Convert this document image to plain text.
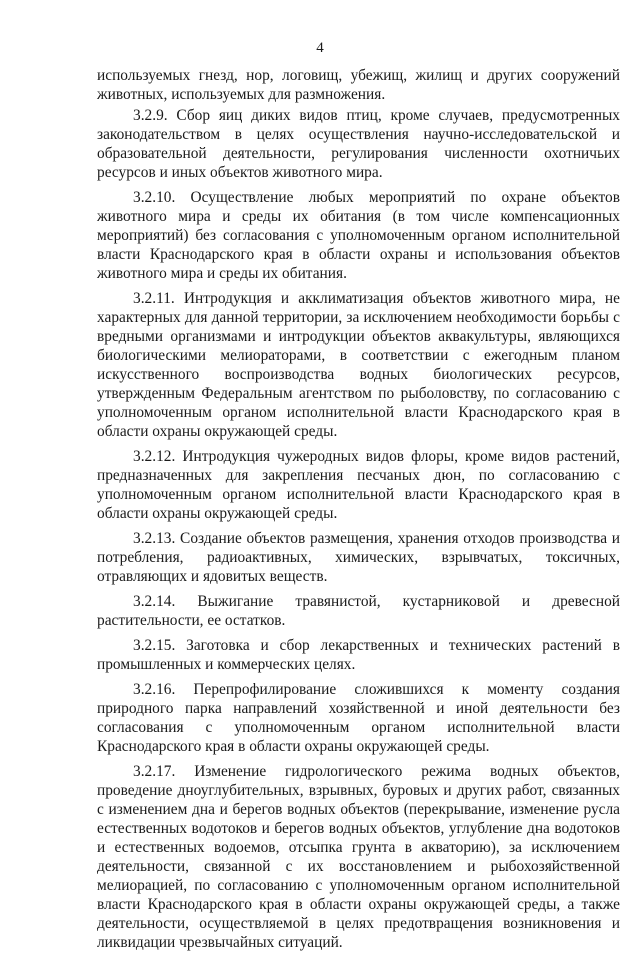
4

используемых гнезд, нор, логовищ, убежищ, жилищ и других сооружений животных, используемых для размножения.

3.2.9. Сбор яиц диких видов птиц, кроме случаев, предусмотренных законодательством в целях осуществления научно-исследовательской и образовательной деятельности, регулирования численности охотничьих ресурсов и иных объектов животного мира.

3.2.10. Осуществление любых мероприятий по охране объектов животного мира и среды их обитания (в том числе компенсационных мероприятий) без согласования с уполномоченным органом исполнительной власти Краснодарского края в области охраны и использования объектов животного мира и среды их обитания.

3.2.11. Интродукция и акклиматизация объектов животного мира, не характерных для данной территории, за исключением необходимости борьбы с вредными организмами и интродукции объектов аквакультуры, являющихся биологическими мелиораторами, в соответствии с ежегодным планом искусственного воспроизводства водных биологических ресурсов, утвержденным Федеральным агентством по рыболовству, по согласованию с уполномоченным органом исполнительной власти Краснодарского края в области охраны окружающей среды.

3.2.12. Интродукция чужеродных видов флоры, кроме видов растений, предназначенных для закрепления песчаных дюн, по согласованию с уполномоченным органом исполнительной власти Краснодарского края в области охраны окружающей среды.

3.2.13. Создание объектов размещения, хранения отходов производства и потребления, радиоактивных, химических, взрывчатых, токсичных, отравляющих и ядовитых веществ.

3.2.14. Выжигание травянистой, кустарниковой и древесной растительности, ее остатков.

3.2.15. Заготовка и сбор лекарственных и технических растений в промышленных и коммерческих целях.

3.2.16. Перепрофилирование сложившихся к моменту создания природного парка направлений хозяйственной и иной деятельности без согласования с уполномоченным органом исполнительной власти Краснодарского края в области охраны окружающей среды.

3.2.17. Изменение гидрологического режима водных объектов, проведение дноуглубительных, взрывных, буровых и других работ, связанных с изменением дна и берегов водных объектов (перекрывание, изменение русла естественных водотоков и берегов водных объектов, углубление дна водотоков и естественных водоемов, отсыпка грунта в акваторию), за исключением деятельности, связанной с их восстановлением и рыбохозяйственной мелиорацией, по согласованию с уполномоченным органом исполнительной власти Краснодарского края в области охраны окружающей среды, а также деятельности, осуществляемой в целях предотвращения возникновения и ликвидации чрезвычайных ситуаций.
